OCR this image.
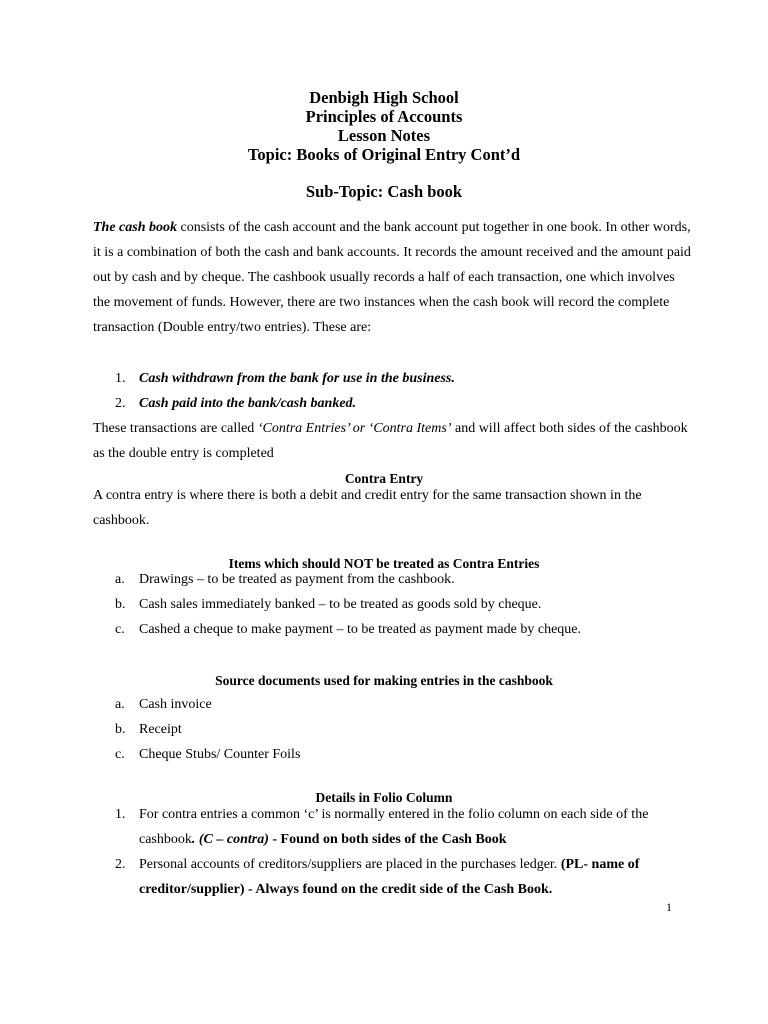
Denbigh High School
Principles of Accounts
Lesson Notes
Topic: Books of Original Entry Cont’d
Sub-Topic: Cash book
The cash book consists of the cash account and the bank account put together in one book. In other words, it is a combination of both the cash and bank accounts. It records the amount received and the amount paid out by cash and by cheque. The cashbook usually records a half of each transaction, one which involves the movement of funds. However, there are two instances when the cash book will record the complete transaction (Double entry/two entries). These are:
1. Cash withdrawn from the bank for use in the business.
2. Cash paid into the bank/cash banked.
These transactions are called ‘Contra Entries’ or ‘Contra Items’ and will affect both sides of the cashbook as the double entry is completed
Contra Entry
A contra entry is where there is both a debit and credit entry for the same transaction shown in the cashbook.
Items which should NOT be treated as Contra Entries
a. Drawings – to be treated as payment from the cashbook.
b. Cash sales immediately banked – to be treated as goods sold by cheque.
c. Cashed a cheque to make payment – to be treated as payment made by cheque.
Source documents used for making entries in the cashbook
a. Cash invoice
b. Receipt
c. Cheque Stubs/ Counter Foils
Details in Folio Column
1. For contra entries a common ‘c’ is normally entered in the folio column on each side of the cashbook. (C – contra) - Found on both sides of the Cash Book
2. Personal accounts of creditors/suppliers are placed in the purchases ledger. (PL- name of creditor/supplier) - Always found on the credit side of the Cash Book.
1
